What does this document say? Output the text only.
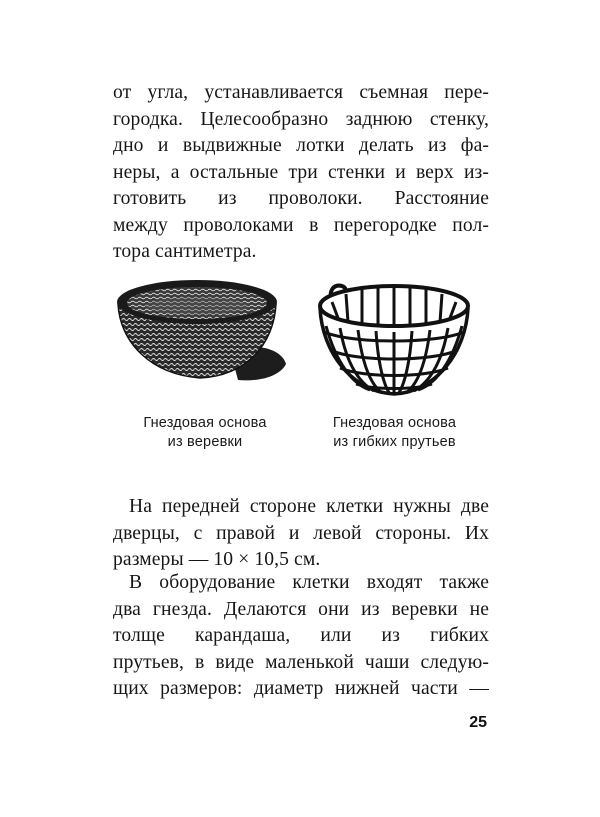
от угла, устанавливается съемная пере-
городка. Целесообразно заднюю стенку,
дно и выдвижные лотки делать из фа-
неры, а остальные три стенки и верх из-
готовить из проволоки. Расстояние
между проволоками в перегородке пол-
тора сантиметра.

Гнездовая основа
из веревки
Гнездовая основа
из гибких прутьев

На передней стороне клетки нужны две
дверцы, с правой и левой стороны. Их
размеры — 10 × 10,5 см.

В оборудование клетки входят также
два гнезда. Делаются они из веревки не
толще карандаша, или из гибких
прутьев, в виде маленькой чаши следую-
щих размеров: диаметр нижней части —

25
